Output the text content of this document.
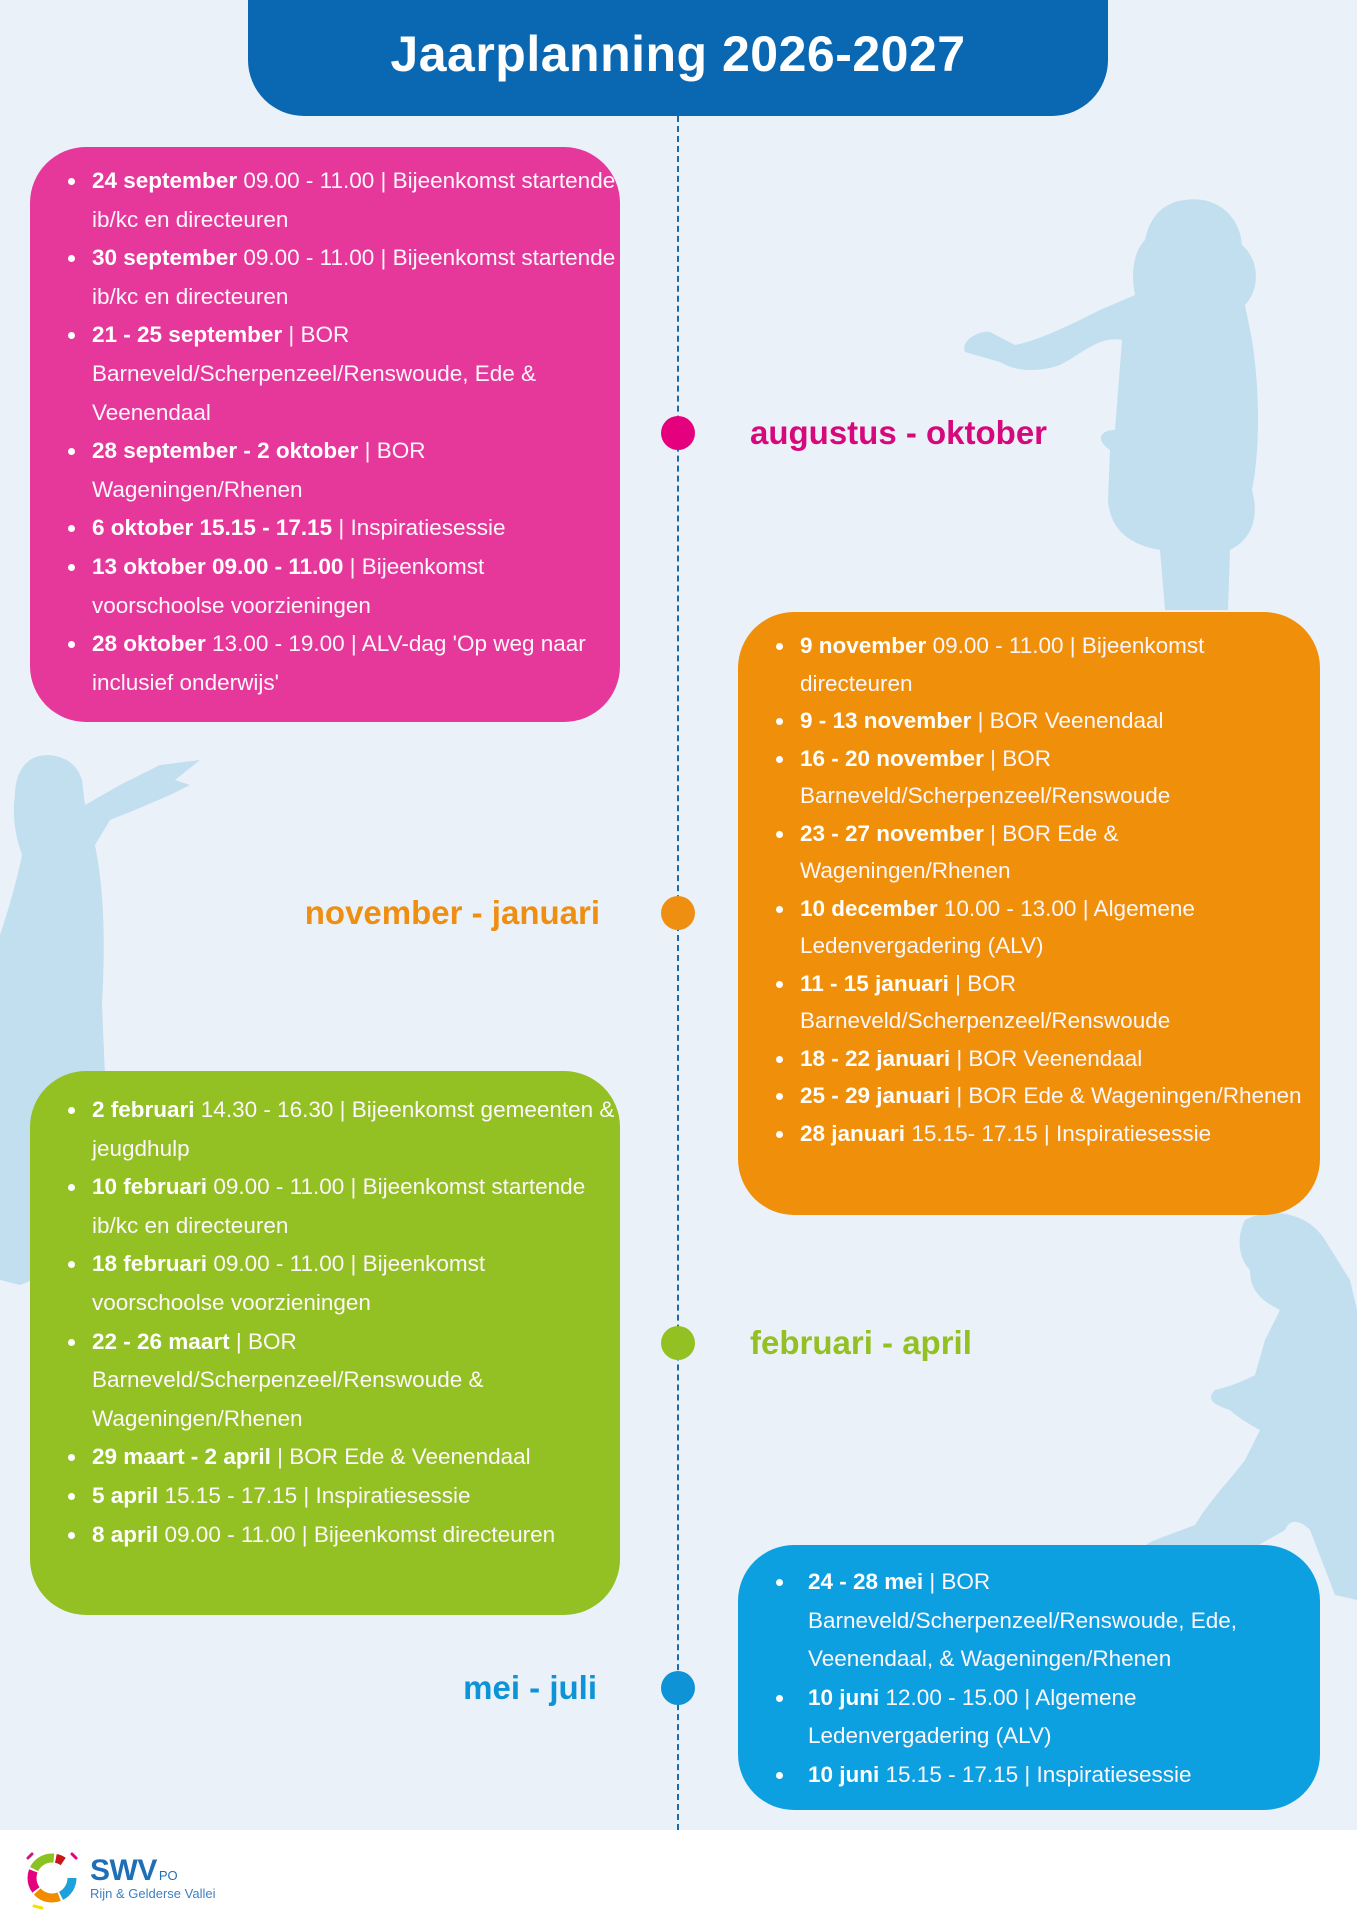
Jaarplanning 2026-2027
24 september 09.00 - 11.00 | Bijeenkomst startende ib/kc en directeuren
30 september 09.00 - 11.00 | Bijeenkomst startende ib/kc en directeuren
21 - 25 september | BOR Barneveld/Scherpenzeel/Renswoude, Ede & Veenendaal
28 september - 2 oktober | BOR Wageningen/Rhenen
6 oktober 15.15 - 17.15 | Inspiratiesessie
13 oktober 09.00 - 11.00 | Bijeenkomst voorschoolse voorzieningen
28 oktober 13.00 - 19.00 | ALV-dag 'Op weg naar inclusief onderwijs'
augustus - oktober
9 november 09.00 - 11.00 | Bijeenkomst directeuren
9 - 13 november | BOR Veenendaal
16 - 20 november | BOR Barneveld/Scherpenzeel/Renswoude
23 - 27 november | BOR Ede & Wageningen/Rhenen
10 december 10.00 - 13.00 | Algemene Ledenvergadering (ALV)
11 - 15 januari | BOR Barneveld/Scherpenzeel/Renswoude
18 - 22 januari | BOR Veenendaal
25 - 29 januari | BOR Ede & Wageningen/Rhenen
28 januari 15.15- 17.15 | Inspiratiesessie
november - januari
2 februari 14.30 - 16.30 | Bijeenkomst gemeenten & jeugdhulp
10 februari 09.00 - 11.00 | Bijeenkomst startende ib/kc en directeuren
18 februari 09.00 - 11.00 | Bijeenkomst voorschoolse voorzieningen
22 - 26 maart | BOR Barneveld/Scherpenzeel/Renswoude & Wageningen/Rhenen
29 maart - 2 april | BOR Ede & Veenendaal
5 april 15.15 - 17.15 | Inspiratiesessie
8 april 09.00 - 11.00 | Bijeenkomst directeuren
februari - april
24 - 28 mei | BOR Barneveld/Scherpenzeel/Renswoude, Ede, Veenendaal, & Wageningen/Rhenen
10 juni 12.00 - 15.00 | Algemene Ledenvergadering (ALV)
10 juni 15.15 - 17.15 | Inspiratiesessie
mei - juli
SWV PO
Rijn & Gelderse Vallei
